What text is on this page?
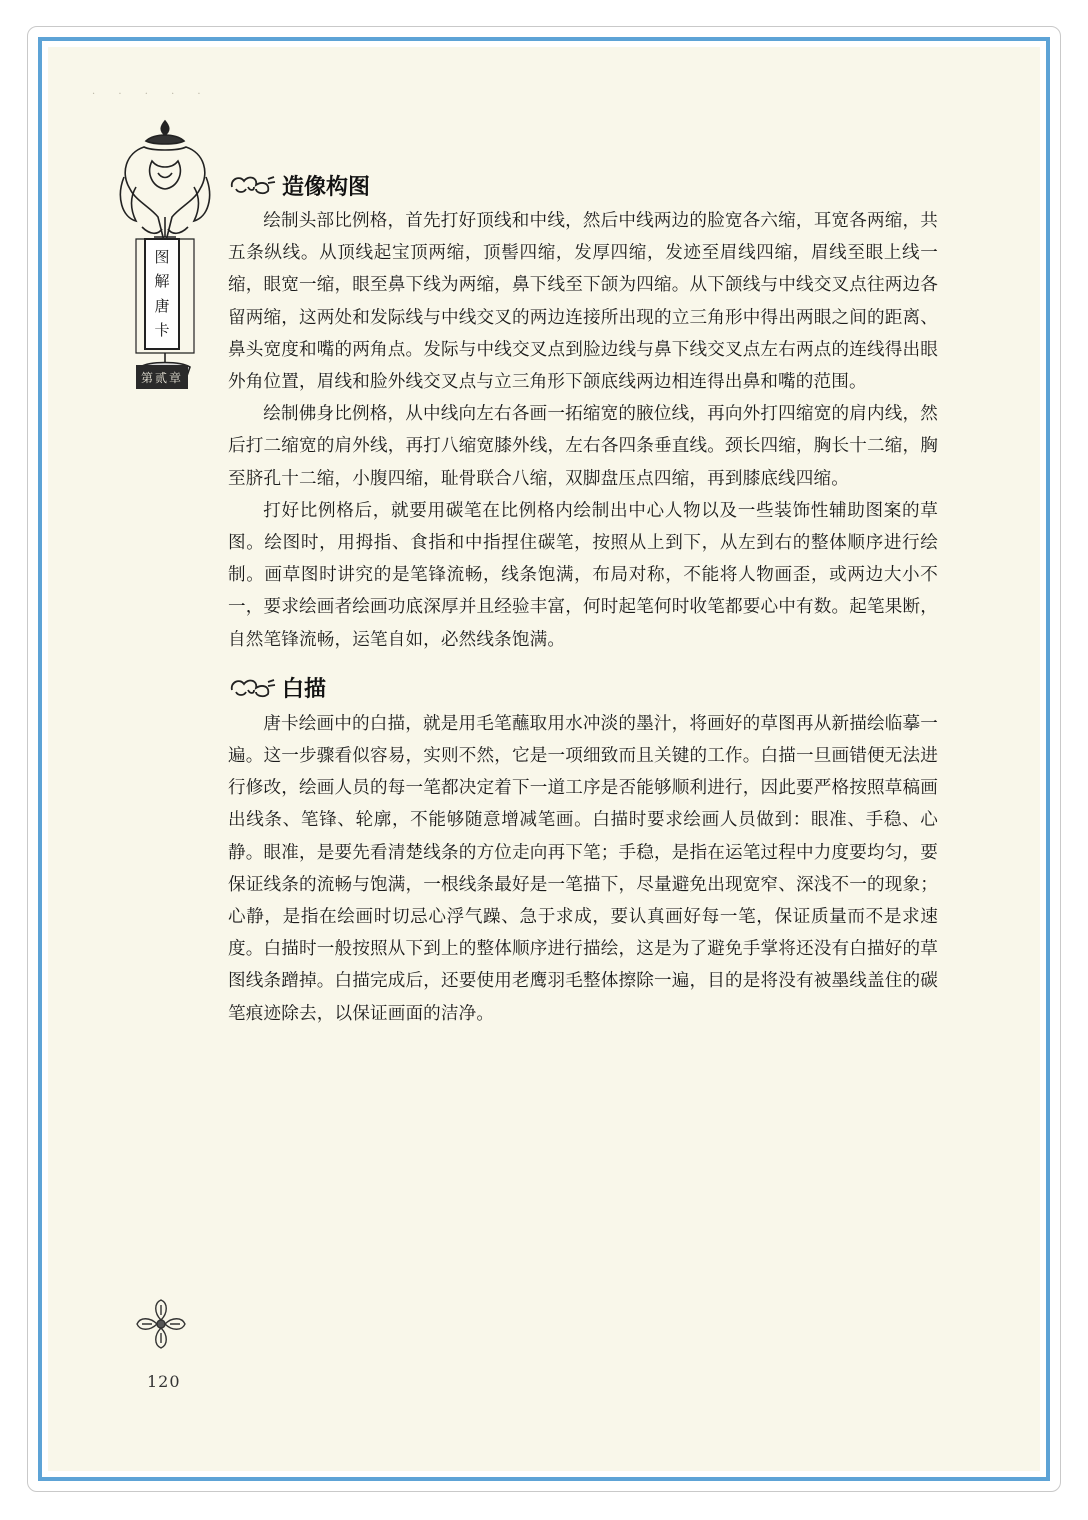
· · · · ·
图
解
唐
卡
第贰章
造像构图

绘制头部比例格，首先打好顶线和中线，然后中线两边的脸宽各六缩，耳宽各两缩，共五条纵线。从顶线起宝顶两缩，顶髻四缩，发厚四缩，发迹至眉线四缩，眉线至眼上线一缩，眼宽一缩，眼至鼻下线为两缩，鼻下线至下颌为四缩。从下颌线与中线交叉点往两边各留两缩，这两处和发际线与中线交叉的两边连接所出现的立三角形中得出两眼之间的距离、鼻头宽度和嘴的两角点。发际与中线交叉点到脸边线与鼻下线交叉点左右两点的连线得出眼外角位置，眉线和脸外线交叉点与立三角形下颌底线两边相连得出鼻和嘴的范围。

绘制佛身比例格，从中线向左右各画一拓缩宽的腋位线，再向外打四缩宽的肩内线，然后打二缩宽的肩外线，再打八缩宽膝外线，左右各四条垂直线。颈长四缩，胸长十二缩，胸至脐孔十二缩，小腹四缩，耻骨联合八缩，双脚盘压点四缩，再到膝底线四缩。

打好比例格后，就要用碳笔在比例格内绘制出中心人物以及一些装饰性辅助图案的草图。绘图时，用拇指、食指和中指捏住碳笔，按照从上到下，从左到右的整体顺序进行绘制。画草图时讲究的是笔锋流畅，线条饱满，布局对称，不能将人物画歪，或两边大小不一，要求绘画者绘画功底深厚并且经验丰富，何时起笔何时收笔都要心中有数。起笔果断，自然笔锋流畅，运笔自如，必然线条饱满。

白描

唐卡绘画中的白描，就是用毛笔蘸取用水冲淡的墨汁，将画好的草图再从新描绘临摹一遍。这一步骤看似容易，实则不然，它是一项细致而且关键的工作。白描一旦画错便无法进行修改，绘画人员的每一笔都决定着下一道工序是否能够顺利进行，因此要严格按照草稿画出线条、笔锋、轮廓，不能够随意增减笔画。白描时要求绘画人员做到：眼准、手稳、心静。眼准，是要先看清楚线条的方位走向再下笔；手稳，是指在运笔过程中力度要均匀，要保证线条的流畅与饱满，一根线条最好是一笔描下，尽量避免出现宽窄、深浅不一的现象；心静，是指在绘画时切忌心浮气躁、急于求成，要认真画好每一笔，保证质量而不是求速度。白描时一般按照从下到上的整体顺序进行描绘，这是为了避免手掌将还没有白描好的草图线条蹭掉。白描完成后，还要使用老鹰羽毛整体擦除一遍，目的是将没有被墨线盖住的碳笔痕迹除去，以保证画面的洁净。

120
